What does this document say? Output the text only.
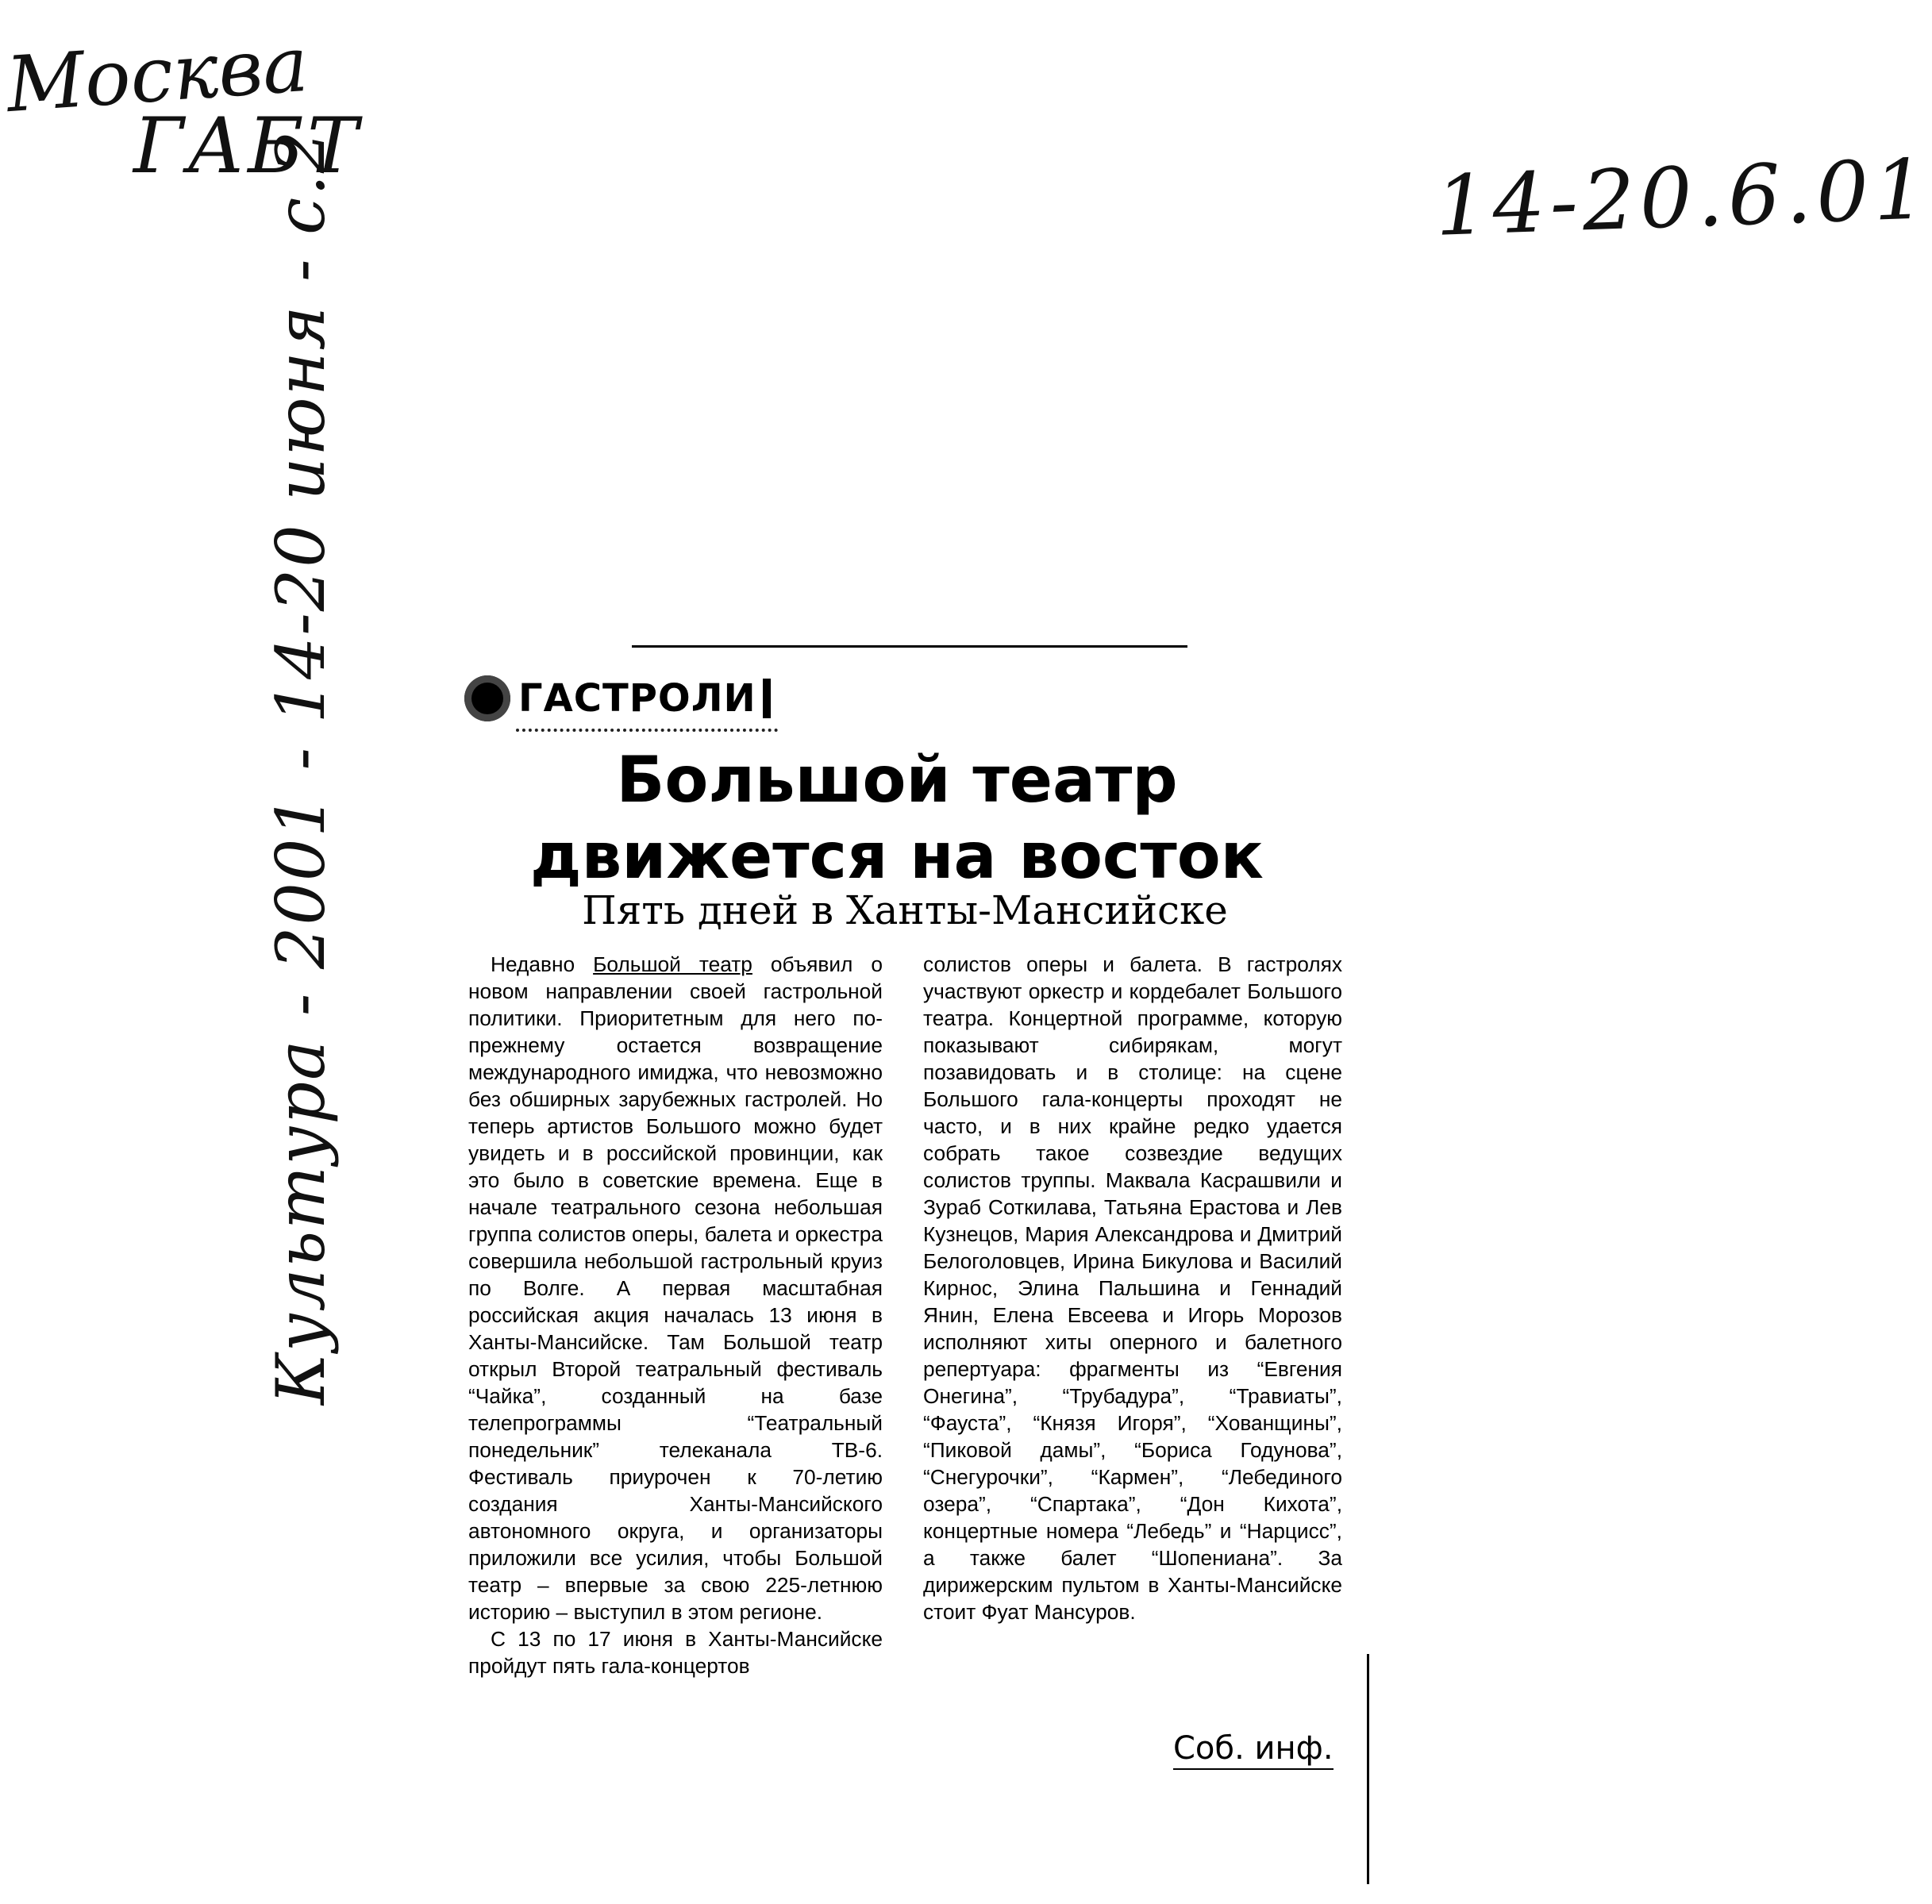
Москва
ГАБТ	14-20.6.01
Культура - 2001 - 14-20 июня - с.2	ГАСТРОЛИ
Большой театр
движется на восток
Пять дней в Ханты-Мансийске

Недавно Большой театр объявил о новом направлении своей гастрольной политики. Приоритетным для него по-прежнему остается возвращение международного имиджа, что невозможно без обширных зарубежных гастролей. Но теперь артистов Большого можно будет увидеть и в российской провинции, как это было в советские времена. Еще в начале театрального сезона небольшая группа солистов оперы, балета и оркестра совершила небольшой гастрольный круиз по Волге. А первая масштабная российская акция началась 13 июня в Ханты-Мансийске. Там Большой театр открыл Второй театральный фестиваль “Чайка”, созданный на базе телепрограммы “Театральный понедельник” телеканала ТВ-6. Фестиваль приурочен к 70-летию создания Ханты-Мансийского автономного округа, и организаторы приложили все усилия, чтобы Большой театр – впервые за свою 225-летнюю историю – выступил в этом регионе.

С 13 по 17 июня в Ханты-Мансийске пройдут пять гала-концертов

солистов оперы и балета. В гастролях участвуют оркестр и кордебалет Большого театра. Концертной программе, которую показывают сибирякам, могут позавидовать и в столице: на сцене Большого гала-концерты проходят не часто, и в них крайне редко удается собрать такое созвездие ведущих солистов труппы. Маквала Касрашвили и Зураб Соткилава, Татьяна Ерастова и Лев Кузнецов, Мария Александрова и Дмитрий Белоголовцев, Ирина Бикулова и Василий Кирнос, Элина Пальшина и Геннадий Янин, Елена Евсеева и Игорь Морозов исполняют хиты оперного и балетного репертуара: фрагменты из “Евгения Онегина”, “Трубадура”, “Травиаты”, “Фауста”, “Князя Игоря”, “Хованщины”, “Пиковой дамы”, “Бориса Годунова”, “Снегурочки”, “Кармен”, “Лебединого озера”, “Спартака”, “Дон Кихота”, концертные номера “Лебедь” и “Нарцисс”, а также балет “Шопениана”. За дирижерским пультом в Ханты-Мансийске стоит Фуат Мансуров.

Соб. инф.
